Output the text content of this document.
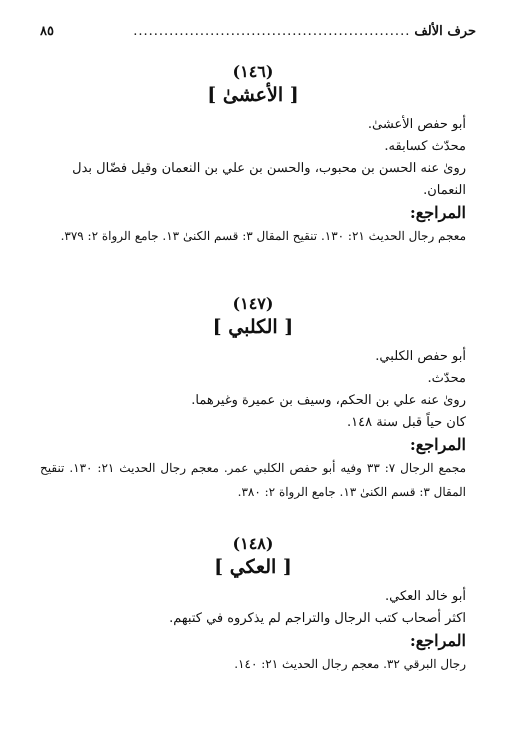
حرف الألف
......................................................
٨٥
(١٤٦)
[ الأعشىٰ ]
أبو حفص الأعشىٰ.
محدّث كسابقه.
رویٰ عنه الحسن بن محبوب، والحسن بن علي بن النعمان وقيل فضّال بدل النعمان.
المراجع:
معجم رجال الحديث ٢١: ١٣٠. تنقيح المقال ٣: قسم الكنىٰ ١٣. جامع الرواة ٢: ٣٧٩.
(١٤٧)
[ الكلبي ]
أبو حفص الكلبي.
محدّث.
رویٰ عنه علي بن الحكم، وسيف بن عميرة وغيرهما.
كان حياً قبل سنة ١٤٨.
المراجع:
مجمع الرجال ٧: ٣٣ وفيه أبو حفص الكلبي عمر. معجم رجال الحديث ٢١: ١٣٠. تنقيح المقال ٣: قسم الكنىٰ ١٣. جامع الرواة ٢: ٣٨٠.
(١٤٨)
[ العكي ]
أبو خالد العكي.
اكثر أصحاب كتب الرجال والتراجم لم يذكروه في كتبهم.
المراجع:
رجال البرقي ٣٢. معجم رجال الحديث ٢١: ١٤٠.
